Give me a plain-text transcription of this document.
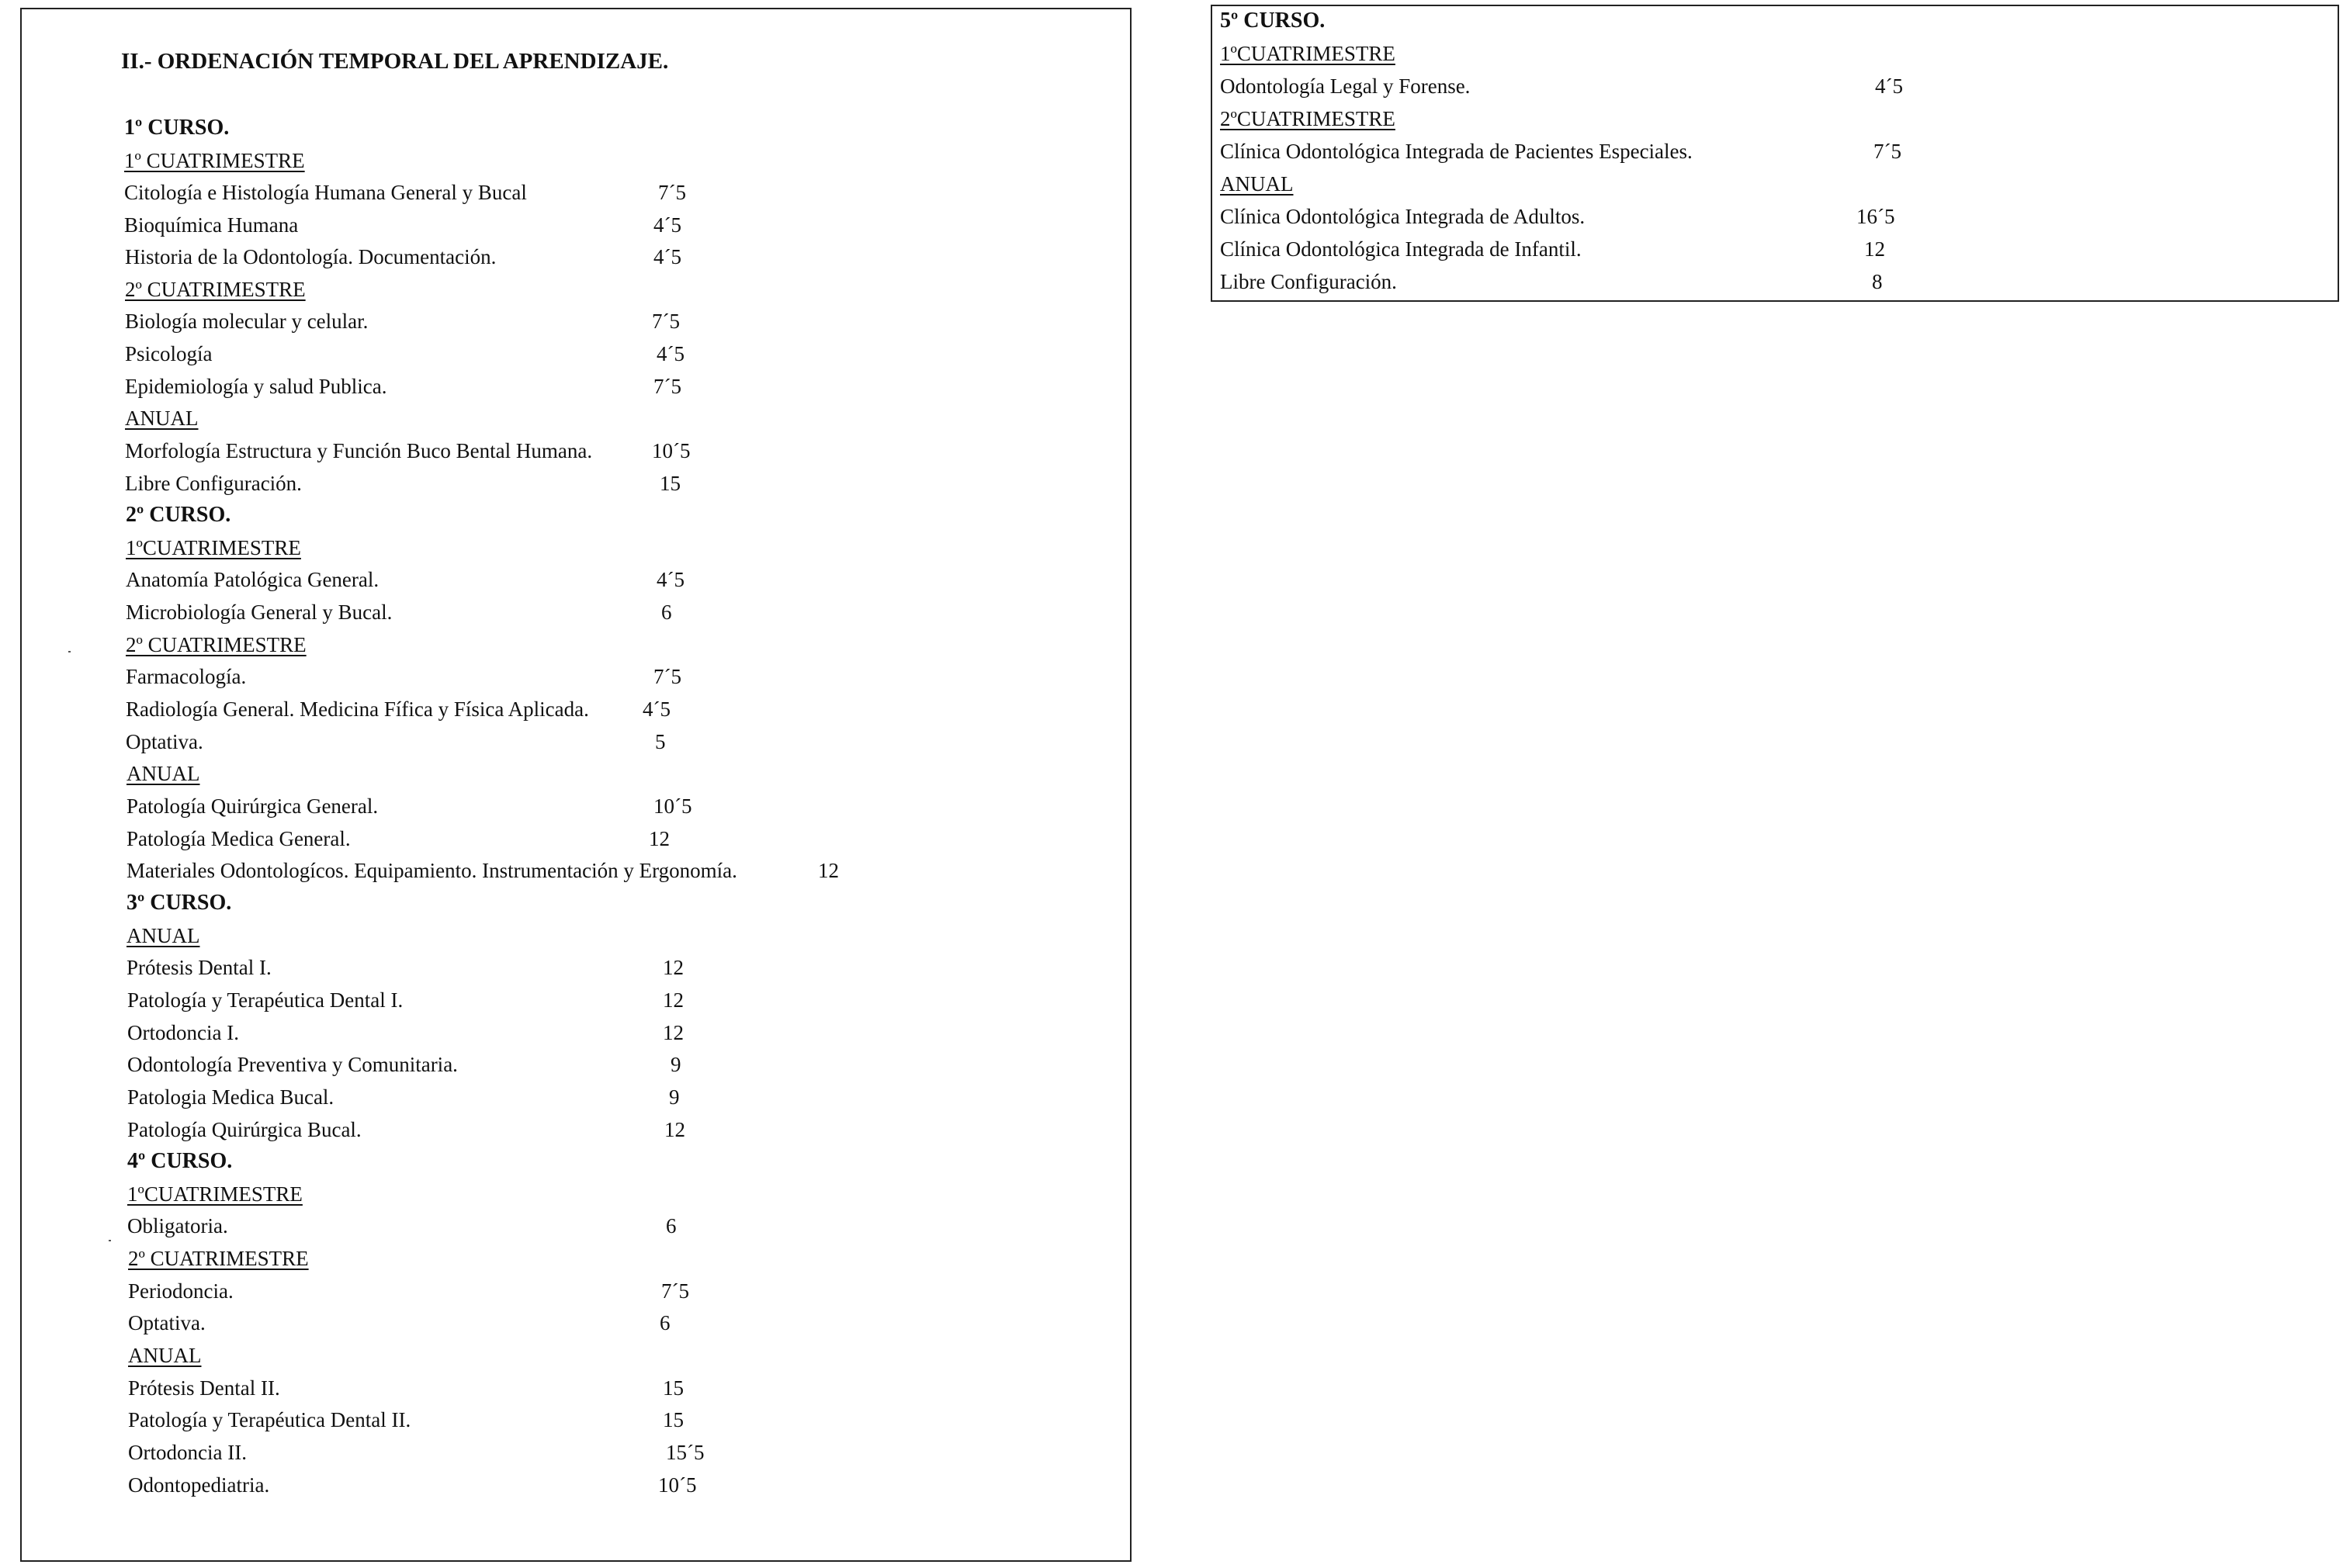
II.- ORDENACIÓN TEMPORAL DEL APRENDIZAJE.
1º CURSO.
1º CUATRIMESTRE
Citología e Histología Humana General y Bucal	7´5
Bioquímica Humana	4´5
Historia de la Odontología. Documentación.	4´5
2º CUATRIMESTRE
Biología molecular y celular.	7´5
Psicología	4´5
Epidemiología y salud Publica.	7´5
ANUAL
Morfología Estructura y Función Buco Bental Humana.	10´5
Libre Configuración.	15
2º CURSO.
1ºCUATRIMESTRE
Anatomía Patológica General.	4´5
Microbiología General y Bucal.	6
2º CUATRIMESTRE
Farmacología.	7´5
Radiología General. Medicina Fífica y Física Aplicada.	4´5
Optativa.	5
ANUAL
Patología Quirúrgica General.	10´5
Patología Medica General.	12
Materiales Odontologícos. Equipamiento. Instrumentación y Ergonomía.	12
3º CURSO.
ANUAL
Prótesis Dental I.	12
Patología y Terapéutica Dental I.	12
Ortodoncia I.	12
Odontología Preventiva y Comunitaria.	9
Patologia Medica Bucal.	9
Patología Quirúrgica Bucal.	12
4º CURSO.
1ºCUATRIMESTRE
Obligatoria.	6
2º CUATRIMESTRE
Periodoncia.	7´5
Optativa.	6
ANUAL
Prótesis Dental II.	15
Patología y Terapéutica Dental II.	15
Ortodoncia II.	15´5
Odontopediatria.	10´5
5º CURSO.
1ºCUATRIMESTRE
Odontología Legal y Forense.	4´5
2ºCUATRIMESTRE
Clínica Odontológica Integrada de Pacientes Especiales.	7´5
ANUAL
Clínica Odontológica Integrada de Adultos.	16´5
Clínica Odontológica Integrada de Infantil.	12
Libre Configuración.	8
